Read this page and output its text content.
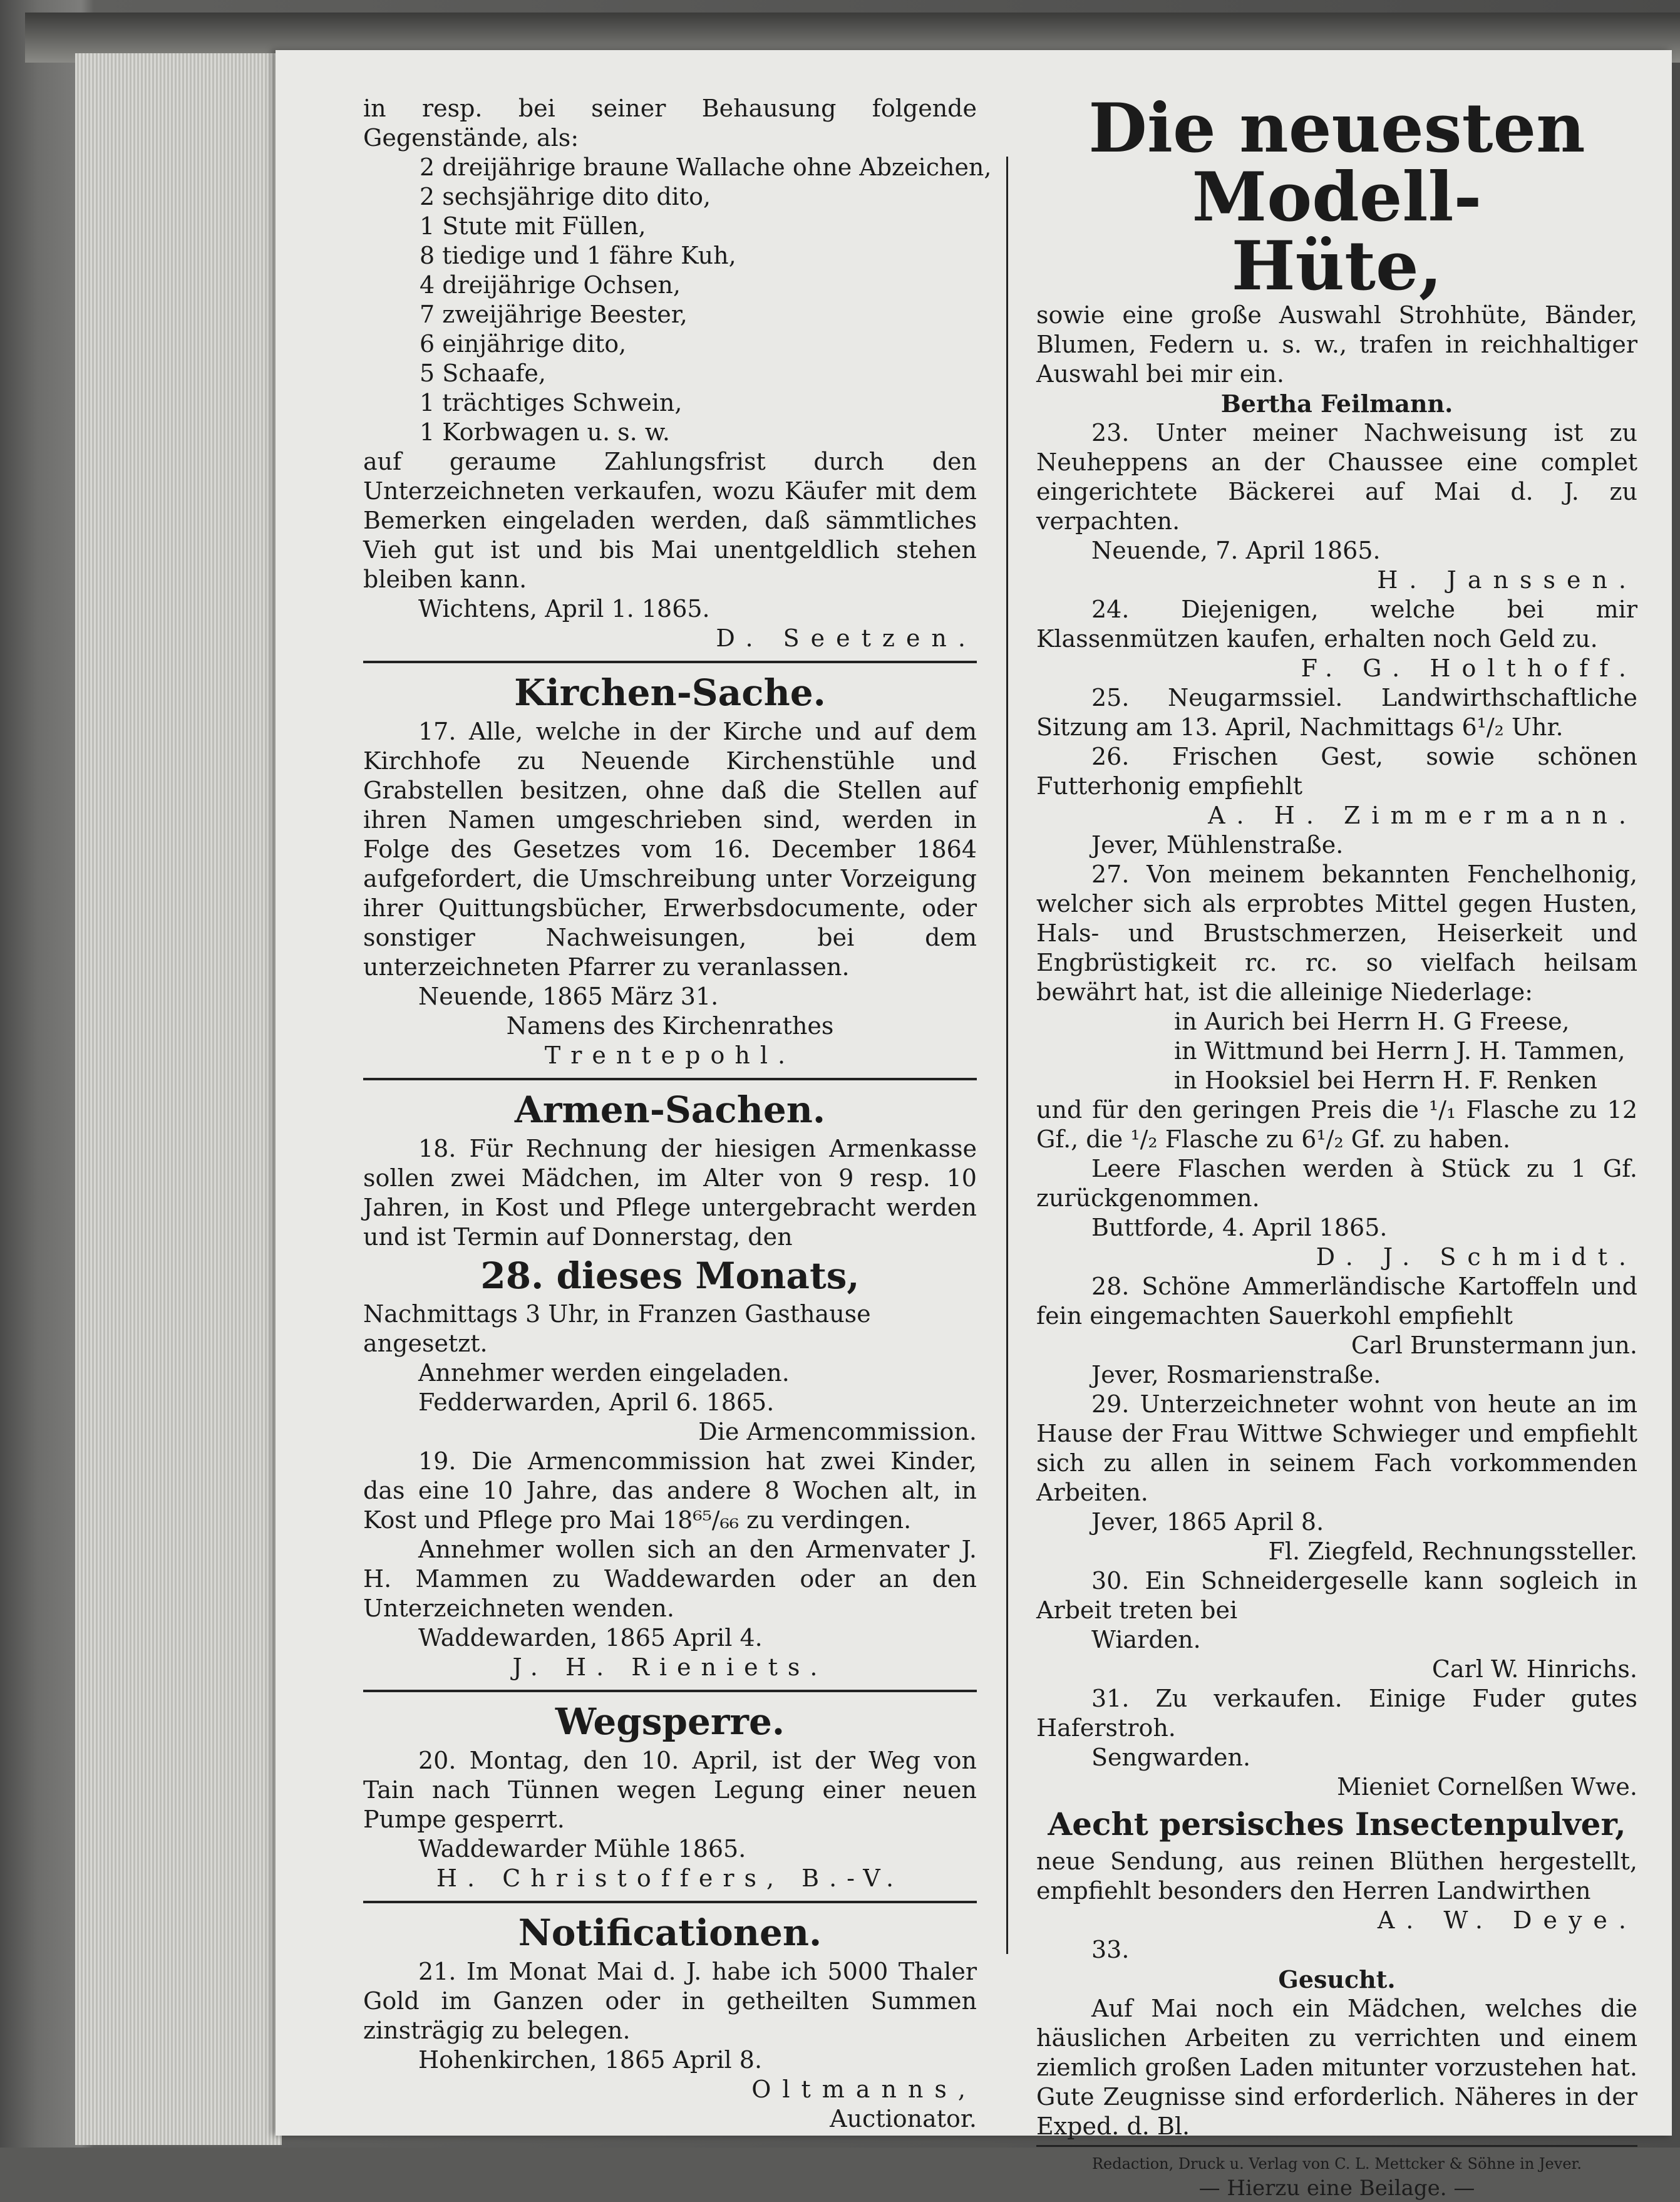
in resp. bei seiner Behausung folgende Gegenstände, als:

2 dreijährige braune Wallache ohne Abzeichen,

2 sechsjährige dito dito,

1 Stute mit Füllen,

8 tiedige und 1 fähre Kuh,

4 dreijährige Ochsen,

7 zweijährige Beester,

6 einjährige dito,

5 Schaafe,

1 trächtiges Schwein,

1 Korbwagen u. s. w.

auf geraume Zahlungsfrist durch den Unterzeichneten verkaufen, wozu Käufer mit dem Bemerken eingeladen werden, daß sämmtliches Vieh gut ist und bis Mai unentgeldlich stehen bleiben kann.

Wichtens, April 1. 1865.

D. Seetzen.

Kirchen-Sache.

17. Alle, welche in der Kirche und auf dem Kirchhofe zu Neuende Kirchenstühle und Grabstellen besitzen, ohne daß die Stellen auf ihren Namen umgeschrieben sind, werden in Folge des Gesetzes vom 16. December 1864 aufgefordert, die Umschreibung unter Vorzeigung ihrer Quittungsbücher, Erwerbsdocumente, oder sonstiger Nachweisungen, bei dem unterzeichneten Pfarrer zu veranlassen.

Neuende, 1865 März 31.

Namens des Kirchenrathes

Trentepohl.

Armen-Sachen.

18. Für Rechnung der hiesigen Armenkasse sollen zwei Mädchen, im Alter von 9 resp. 10 Jahren, in Kost und Pflege untergebracht werden und ist Termin auf Donnerstag, den

28. dieses Monats,

Nachmittags 3 Uhr, in Franzen Gasthause angesetzt.

Annehmer werden eingeladen.

Fedderwarden, April 6. 1865.

Die Armencommission.

19. Die Armencommission hat zwei Kinder, das eine 10 Jahre, das andere 8 Wochen alt, in Kost und Pflege pro Mai 18⁶⁵/₆₆ zu verdingen.

Annehmer wollen sich an den Armenvater J. H. Mammen zu Waddewarden oder an den Unterzeichneten wenden.

Waddewarden, 1865 April 4.

J. H. Rieniets.

Wegsperre.

20. Montag, den 10. April, ist der Weg von Tain nach Tünnen wegen Legung einer neuen Pumpe gesperrt.

Waddewarder Mühle 1865.

H. Christoffers, B.-V.

Notificationen.

21. Im Monat Mai d. J. habe ich 5000 Thaler Gold im Ganzen oder in getheilten Summen zinsträgig zu belegen.

Hohenkirchen, 1865 April 8.

Oltmanns,

Auctionator.

Die neuesten Modell-

Hüte,

sowie eine große Auswahl Strohhüte, Bänder, Blumen, Federn u. s. w., trafen in reichhaltiger Auswahl bei mir ein.

Bertha Feilmann.

23. Unter meiner Nachweisung ist zu Neuheppens an der Chaussee eine complet eingerichtete Bäckerei auf Mai d. J. zu verpachten.

Neuende, 7. April 1865.

H. Janssen.

24. Diejenigen, welche bei mir Klassenmützen kaufen, erhalten noch Geld zu.

F. G. Holthoff.

25. Neugarmssiel. Landwirthschaftliche Sitzung am 13. April, Nachmittags 6¹/₂ Uhr.

26. Frischen Gest, sowie schönen Futterhonig empfiehlt

A. H. Zimmermann.

Jever, Mühlenstraße.

27. Von meinem bekannten Fenchelhonig, welcher sich als erprobtes Mittel gegen Husten, Hals- und Brustschmerzen, Heiserkeit und Engbrüstigkeit rc. rc. so vielfach heilsam bewährt hat, ist die alleinige Niederlage:

in Aurich bei Herrn H. G Freese,

in Wittmund bei Herrn J. H. Tammen,

in Hooksiel bei Herrn H. F. Renken

und für den geringen Preis die ¹/₁ Flasche zu 12 Gf., die ¹/₂ Flasche zu 6¹/₂ Gf. zu haben.

Leere Flaschen werden à Stück zu 1 Gf. zurückgenommen.

Buttforde, 4. April 1865.

D. J. Schmidt.

28. Schöne Ammerländische Kartoffeln und fein eingemachten Sauerkohl empfiehlt

Carl Brunstermann jun.

Jever, Rosmarienstraße.

29. Unterzeichneter wohnt von heute an im Hause der Frau Wittwe Schwieger und empfiehlt sich zu allen in seinem Fach vorkommenden Arbeiten.

Jever, 1865 April 8.

Fl. Ziegfeld, Rechnungssteller.

30. Ein Schneidergeselle kann sogleich in Arbeit treten bei

Wiarden.

Carl W. Hinrichs.

31. Zu verkaufen. Einige Fuder gutes Haferstroh.

Sengwarden.

Mieniet Cornelßen Wwe.

Aecht persisches Insectenpulver,

neue Sendung, aus reinen Blüthen hergestellt, empfiehlt besonders den Herren Landwirthen

A. W. Deye.

33.

Gesucht.

Auf Mai noch ein Mädchen, welches die häuslichen Arbeiten zu verrichten und einem ziemlich großen Laden mitunter vorzustehen hat. Gute Zeugnisse sind erforderlich. Näheres in der Exped. d. Bl.

Redaction, Druck u. Verlag von C. L. Mettcker & Söhne in Jever.

— Hierzu eine Beilage. —
